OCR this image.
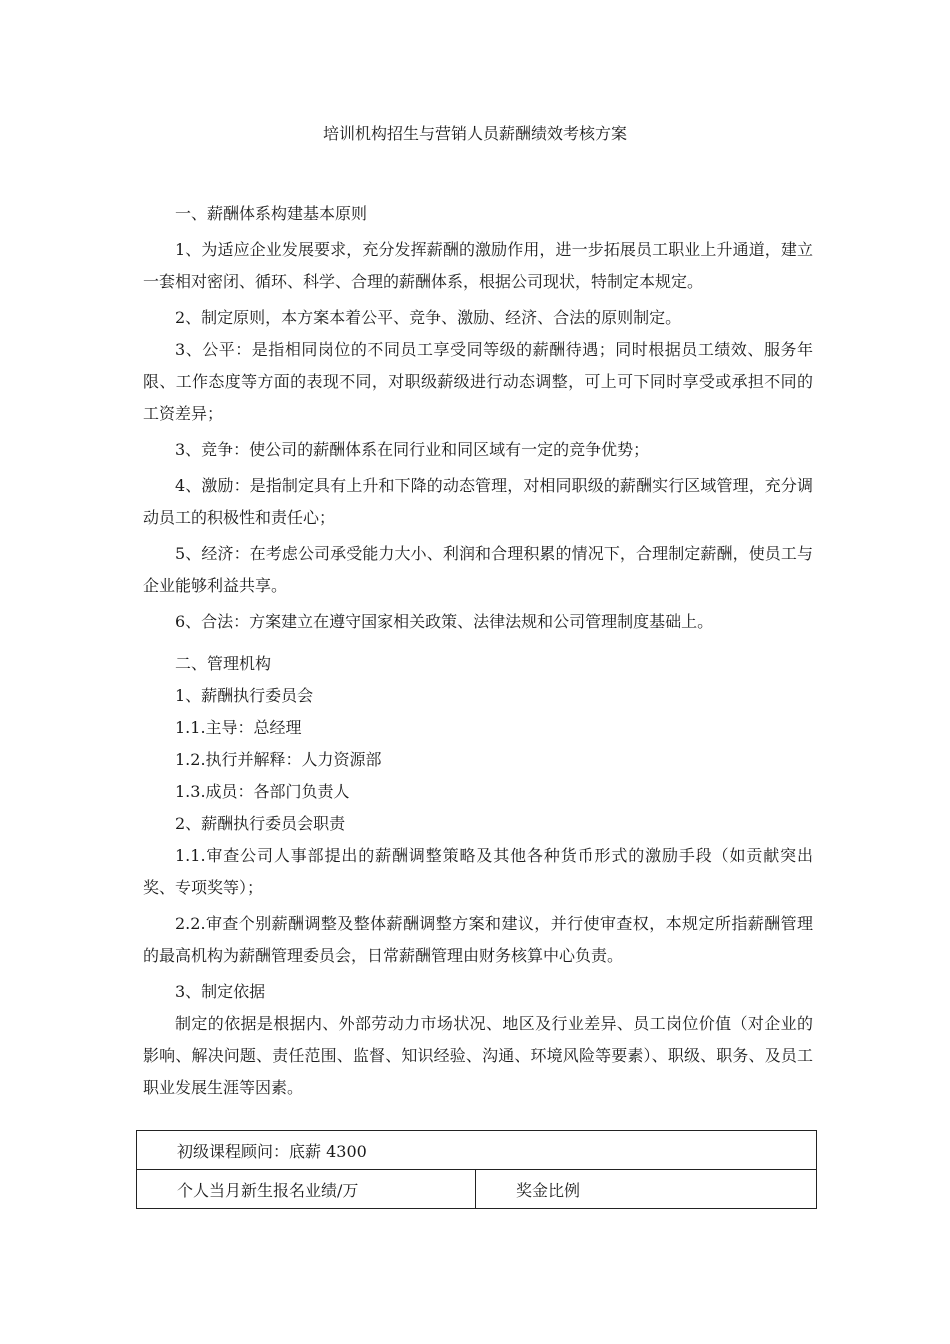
培训机构招生与营销人员薪酬绩效考核方案

一、薪酬体系构建基本原则

1、为适应企业发展要求，充分发挥薪酬的激励作用，进一步拓展员工职业上升通道，建立一套相对密闭、循环、科学、合理的薪酬体系，根据公司现状，特制定本规定。

2、制定原则，本方案本着公平、竞争、激励、经济、合法的原则制定。

3、公平：是指相同岗位的不同员工享受同等级的薪酬待遇；同时根据员工绩效、服务年限、工作态度等方面的表现不同，对职级薪级进行动态调整，可上可下同时享受或承担不同的工资差异；

3、竞争：使公司的薪酬体系在同行业和同区域有一定的竞争优势；

4、激励：是指制定具有上升和下降的动态管理，对相同职级的薪酬实行区域管理，充分调动员工的积极性和责任心；

5、经济：在考虑公司承受能力大小、利润和合理积累的情况下，合理制定薪酬，使员工与企业能够利益共享。

6、合法：方案建立在遵守国家相关政策、法律法规和公司管理制度基础上。

二、管理机构

1、薪酬执行委员会

1.1.主导：总经理

1.2.执行并解释：人力资源部

1.3.成员：各部门负责人

2、薪酬执行委员会职责

1.1.审查公司人事部提出的薪酬调整策略及其他各种货币形式的激励手段（如贡献突出奖、专项奖等）；

2.2.审查个别薪酬调整及整体薪酬调整方案和建议，并行使审查权，本规定所指薪酬管理的最高机构为薪酬管理委员会，日常薪酬管理由财务核算中心负责。

3、制定依据

制定的依据是根据内、外部劳动力市场状况、地区及行业差异、员工岗位价值（对企业的影响、解决问题、责任范围、监督、知识经验、沟通、环境风险等要素）、职级、职务、及员工职业发展生涯等因素。

初级课程顾问：底薪 4300
个人当月新生报名业绩/万	奖金比例
